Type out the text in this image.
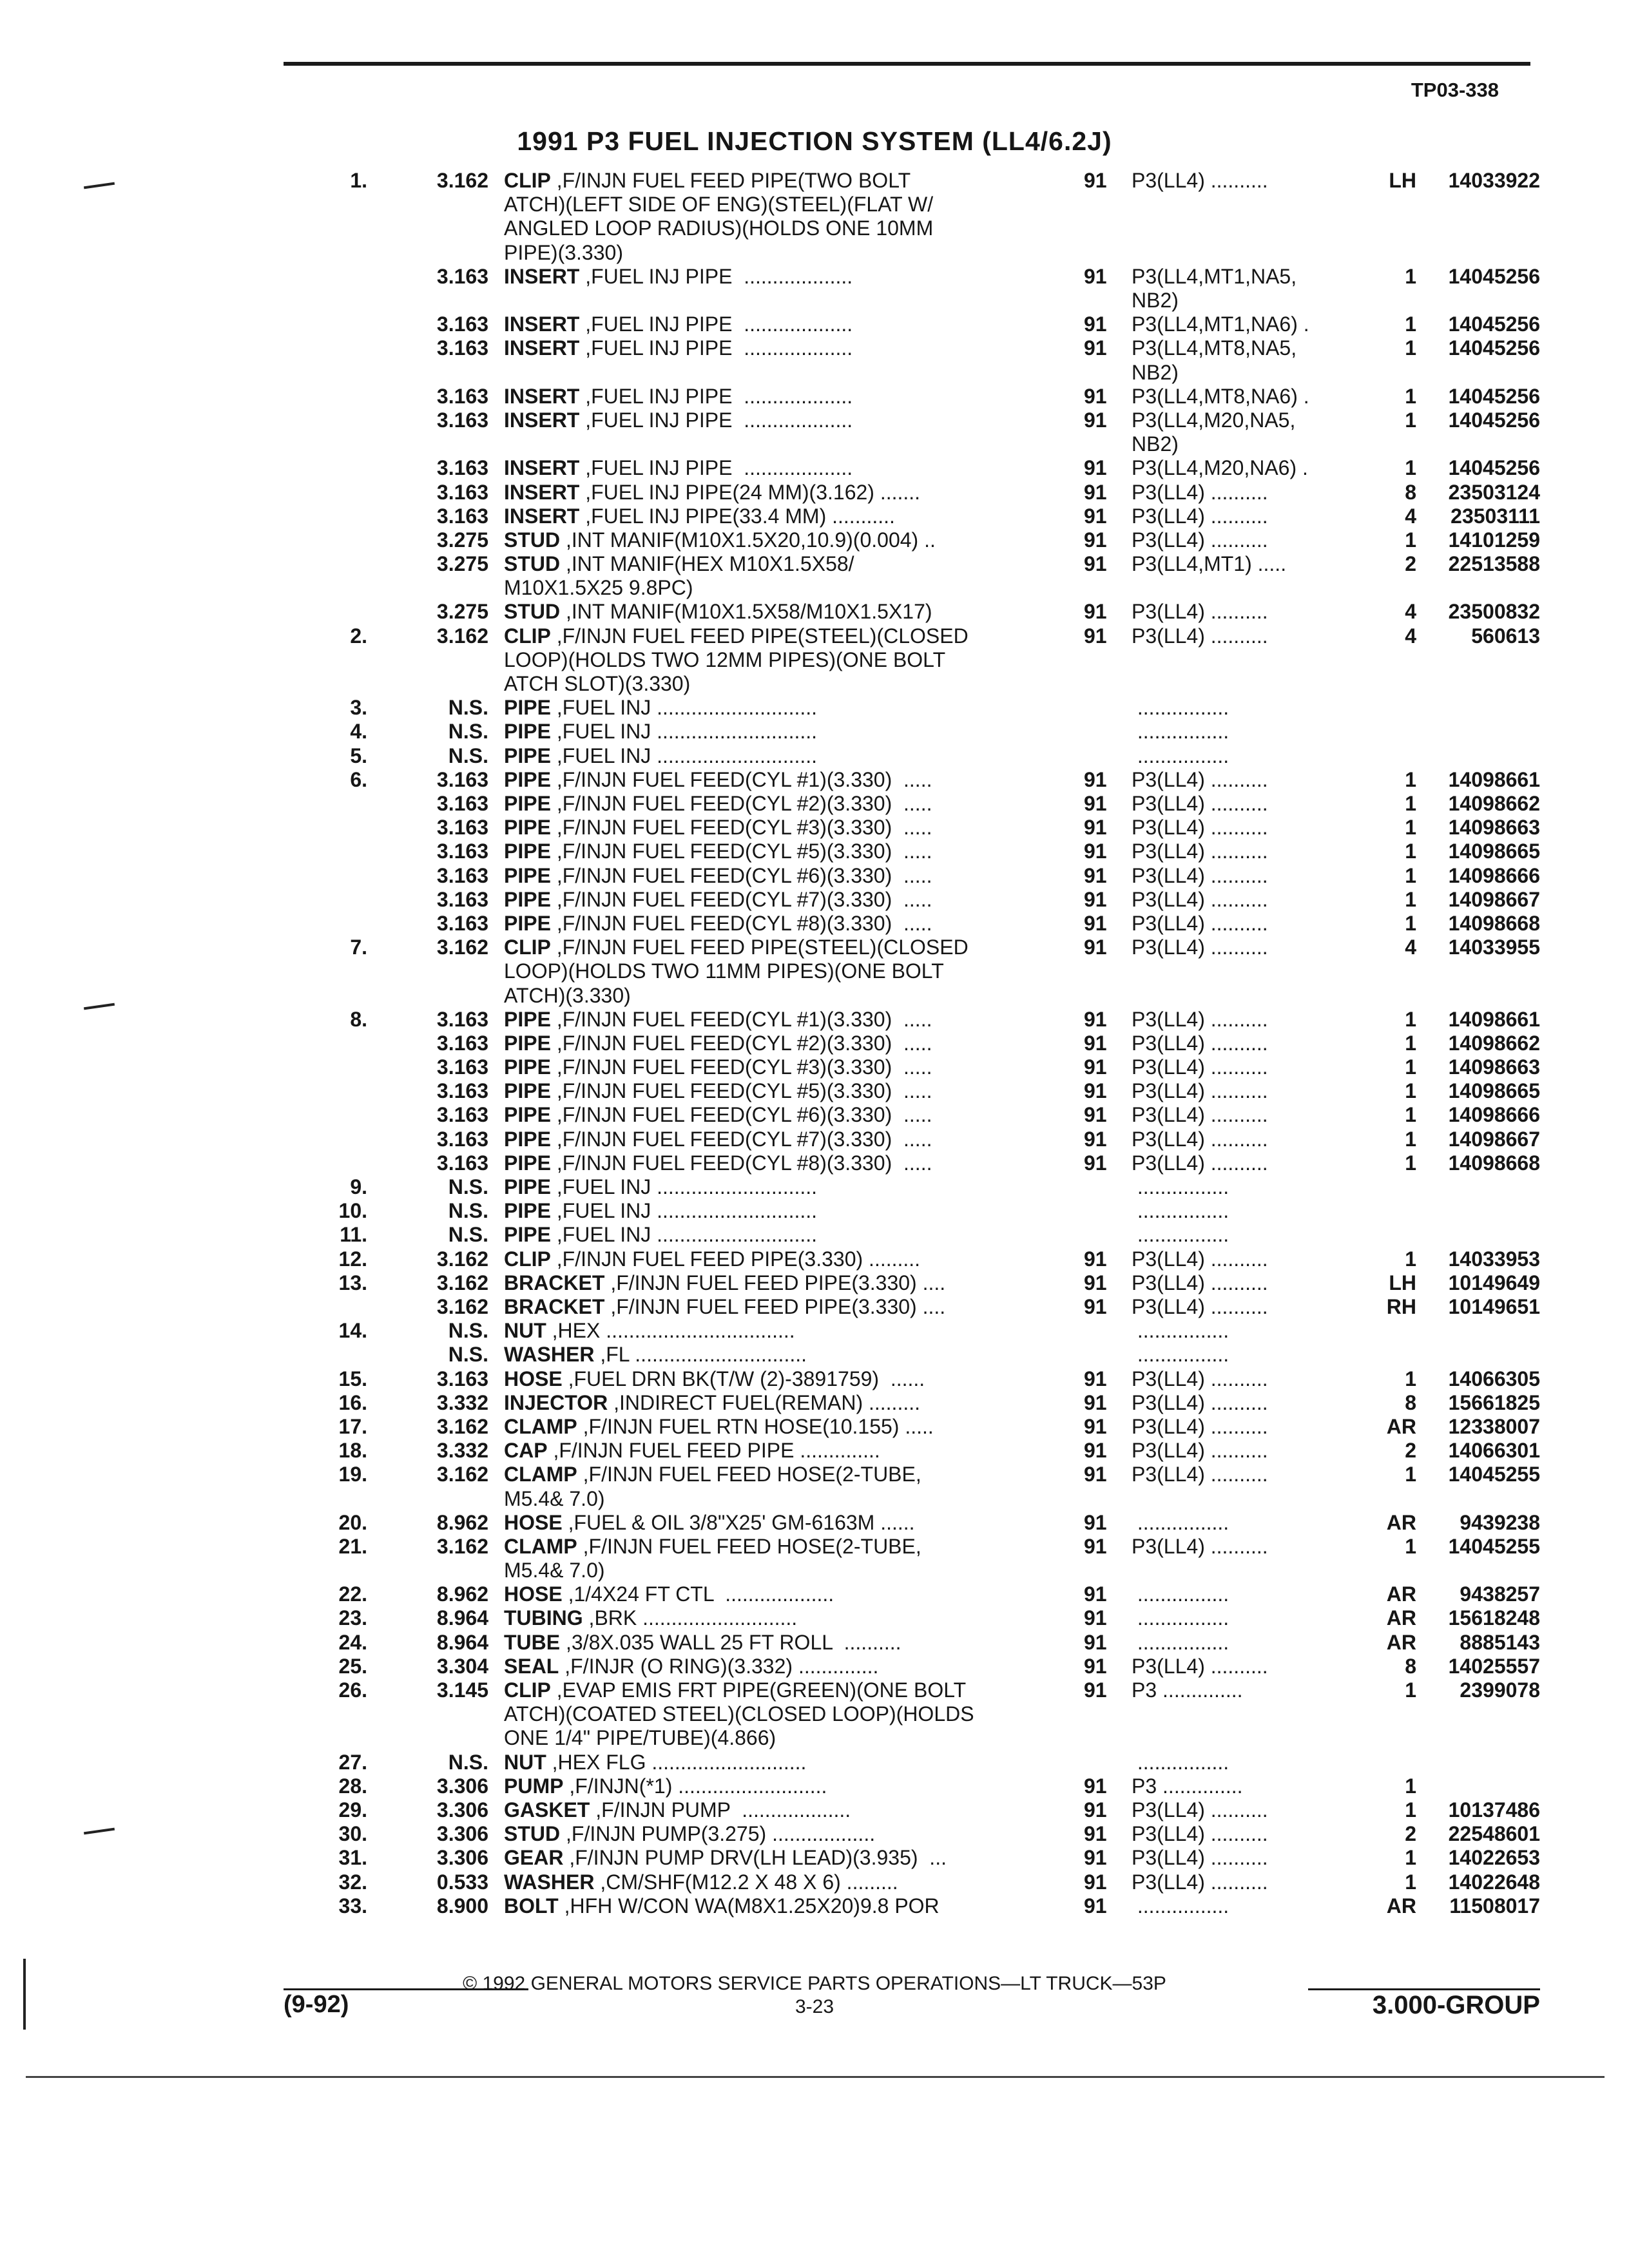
TP03-338
1991 P3 FUEL INJECTION SYSTEM (LL4/6.2J)
1.	3.162 CLIP ,F/INJN FUEL FEED PIPE(TWO BOLT
ATCH)(LEFT SIDE OF ENG)(STEEL)(FLAT W/
ANGLED LOOP RADIUS)(HOLDS ONE 10MM
PIPE)(3.330)
91 P3(LL4) ..........	LH 14033922
3.163 INSERT ,FUEL INJ PIPE  ...................	91 P3(LL4,MT1,NA5,
NB2)
1 14045256
3.163 INSERT ,FUEL INJ PIPE  ...................	91 P3(LL4,MT1,NA6) .	1 14045256
3.163 INSERT ,FUEL INJ PIPE  ...................	91 P3(LL4,MT8,NA5,
NB2)
1 14045256
3.163 INSERT ,FUEL INJ PIPE  ...................	91 P3(LL4,MT8,NA6) .	1 14045256
3.163 INSERT ,FUEL INJ PIPE  ...................	91 P3(LL4,M20,NA5,
NB2)
1 14045256
3.163 INSERT ,FUEL INJ PIPE  ...................	91 P3(LL4,M20,NA6) .	1 14045256
3.163 INSERT ,FUEL INJ PIPE(24 MM)(3.162) .......	91 P3(LL4) ..........	8 23503124
3.163 INSERT ,FUEL INJ PIPE(33.4 MM) ...........	91 P3(LL4) ..........	4 23503111
3.275 STUD ,INT MANIF(M10X1.5X20,10.9)(0.004) ..	91 P3(LL4) ..........	1 14101259
3.275 STUD ,INT MANIF(HEX M10X1.5X58/
M10X1.5X25 9.8PC)
91 P3(LL4,MT1) .....	2 22513588
3.275 STUD ,INT MANIF(M10X1.5X58/M10X1.5X17)	91 P3(LL4) ..........	4 23500832
2.	3.162 CLIP ,F/INJN FUEL FEED PIPE(STEEL)(CLOSED
LOOP)(HOLDS TWO 12MM PIPES)(ONE BOLT
ATCH SLOT)(3.330)
91 P3(LL4) ..........	4	560613
3.	N.S. PIPE ,FUEL INJ ............................	................
4.	N.S. PIPE ,FUEL INJ ............................	................
5.	N.S. PIPE ,FUEL INJ ............................	................
6.	3.163 PIPE ,F/INJN FUEL FEED(CYL #1)(3.330)  .....	91 P3(LL4) ..........	1 14098661
3.163 PIPE ,F/INJN FUEL FEED(CYL #2)(3.330)  .....	91 P3(LL4) ..........	1 14098662
3.163 PIPE ,F/INJN FUEL FEED(CYL #3)(3.330)  .....	91 P3(LL4) ..........	1 14098663
3.163 PIPE ,F/INJN FUEL FEED(CYL #5)(3.330)  .....	91 P3(LL4) ..........	1 14098665
3.163 PIPE ,F/INJN FUEL FEED(CYL #6)(3.330)  .....	91 P3(LL4) ..........	1 14098666
3.163 PIPE ,F/INJN FUEL FEED(CYL #7)(3.330)  .....	91 P3(LL4) ..........	1 14098667
3.163 PIPE ,F/INJN FUEL FEED(CYL #8)(3.330)  .....	91 P3(LL4) ..........	1 14098668
7.	3.162 CLIP ,F/INJN FUEL FEED PIPE(STEEL)(CLOSED
LOOP)(HOLDS TWO 11MM PIPES)(ONE BOLT
ATCH)(3.330)
91 P3(LL4) ..........	4 14033955
8.	3.163 PIPE ,F/INJN FUEL FEED(CYL #1)(3.330)  .....	91 P3(LL4) ..........	1 14098661
3.163 PIPE ,F/INJN FUEL FEED(CYL #2)(3.330)  .....	91 P3(LL4) ..........	1 14098662
3.163 PIPE ,F/INJN FUEL FEED(CYL #3)(3.330)  .....	91 P3(LL4) ..........	1 14098663
3.163 PIPE ,F/INJN FUEL FEED(CYL #5)(3.330)  .....	91 P3(LL4) ..........	1 14098665
3.163 PIPE ,F/INJN FUEL FEED(CYL #6)(3.330)  .....	91 P3(LL4) ..........	1 14098666
3.163 PIPE ,F/INJN FUEL FEED(CYL #7)(3.330)  .....	91 P3(LL4) ..........	1 14098667
3.163 PIPE ,F/INJN FUEL FEED(CYL #8)(3.330)  .....	91 P3(LL4) ..........	1 14098668
9.	N.S. PIPE ,FUEL INJ ............................	................
10.	N.S. PIPE ,FUEL INJ ............................	................
11.	N.S. PIPE ,FUEL INJ ............................	................
12.	3.162 CLIP ,F/INJN FUEL FEED PIPE(3.330) .........	91 P3(LL4) ..........	1 14033953
13.	3.162 BRACKET ,F/INJN FUEL FEED PIPE(3.330) ....	91 P3(LL4) ..........	LH 10149649
3.162 BRACKET ,F/INJN FUEL FEED PIPE(3.330) ....	91 P3(LL4) ..........	RH 10149651
14.	N.S. NUT ,HEX .................................	................
N.S. WASHER ,FL ..............................	................
15.	3.163 HOSE ,FUEL DRN BK(T/W (2)-3891759)  ......	91 P3(LL4) ..........	1 14066305
16.	3.332 INJECTOR ,INDIRECT FUEL(REMAN) .........	91 P3(LL4) ..........	8 15661825
17.	3.162 CLAMP ,F/INJN FUEL RTN HOSE(10.155) .....	91 P3(LL4) ..........	AR 12338007
18.	3.332 CAP ,F/INJN FUEL FEED PIPE ..............	91 P3(LL4) ..........	2 14066301
19.	3.162 CLAMP ,F/INJN FUEL FEED HOSE(2-TUBE,
M5.4& 7.0)
91 P3(LL4) ..........	1 14045255
20.	8.962 HOSE ,FUEL & OIL 3/8"X25' GM-6163M ......	91 ................	AR 9439238
21.	3.162 CLAMP ,F/INJN FUEL FEED HOSE(2-TUBE,
M5.4& 7.0)
91 P3(LL4) ..........	1 14045255
22.	8.962 HOSE ,1/4X24 FT CTL  ...................	91 ................	AR 9438257
23.	8.964 TUBING ,BRK ...........................	91 ................	AR 15618248
24.	8.964 TUBE ,3/8X.035 WALL 25 FT ROLL  ..........	91 ................	AR 8885143
25.	3.304 SEAL ,F/INJR (O RING)(3.332) ..............	91 P3(LL4) ..........	8 14025557
26.	3.145 CLIP ,EVAP EMIS FRT PIPE(GREEN)(ONE BOLT
ATCH)(COATED STEEL)(CLOSED LOOP)(HOLDS
ONE 1/4" PIPE/TUBE)(4.866)
91 P3 ..............	1 2399078
27.	N.S. NUT ,HEX FLG ...........................	................
28.	3.306 PUMP ,F/INJN(*1) ..........................	91 P3 ..............	1
29.	3.306 GASKET ,F/INJN PUMP  ...................	91 P3(LL4) ..........	1 10137486
30.	3.306 STUD ,F/INJN PUMP(3.275) ..................	91 P3(LL4) ..........	2 22548601
31.	3.306 GEAR ,F/INJN PUMP DRV(LH LEAD)(3.935)  ...	91 P3(LL4) ..........	1 14022653
32.	0.533 WASHER ,CM/SHF(M12.2 X 48 X 6) .........	91 P3(LL4) ..........	1 14022648
33.	8.900 BOLT ,HFH W/CON WA(M8X1.25X20)9.8 POR	91 ................	AR 11508017
© 1992 GENERAL MOTORS SERVICE PARTS OPERATIONS—LT TRUCK—53P
3-23
(9-92)	3.000-GROUP
